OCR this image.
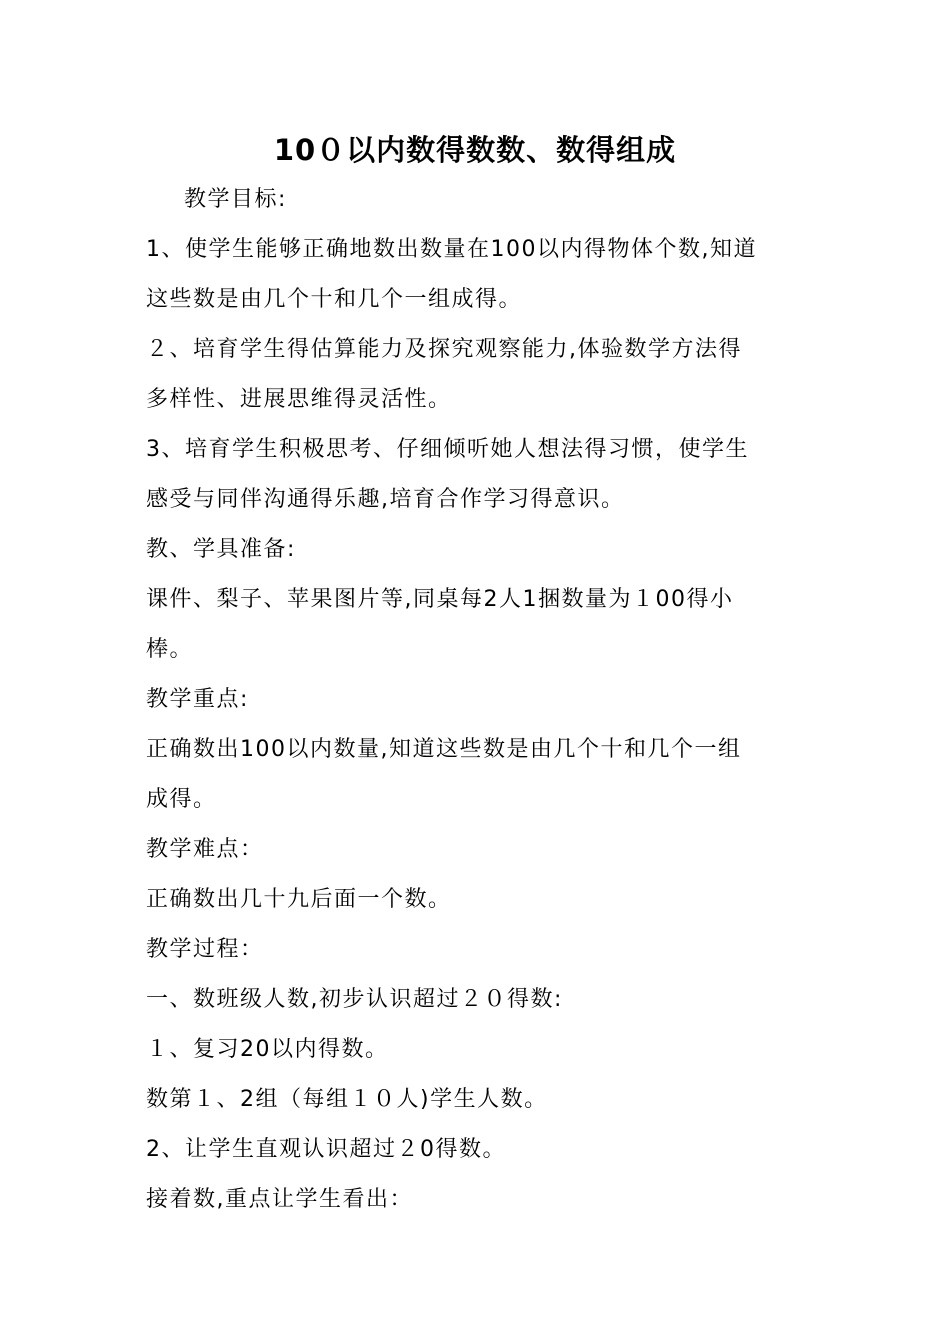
10０以内数得数数、数得组成
教学目标:
1、使学生能够正确地数出数量在100以内得物体个数,知道
这些数是由几个十和几个一组成得。
２、培育学生得估算能力及探究观察能力,体验数学方法得
多样性、进展思维得灵活性。
3、培育学生积极思考、仔细倾听她人想法得习惯，使学生
感受与同伴沟通得乐趣,培育合作学习得意识。
教、学具准备:
课件、梨子、苹果图片等,同桌每2人1捆数量为１00得小
棒。
教学重点:
正确数出100以内数量,知道这些数是由几个十和几个一组
成得。
教学难点：
正确数出几十九后面一个数。
教学过程：
一、数班级人数,初步认识超过２０得数:
１、复习20以内得数。
数第１、2组（每组１０人)学生人数。
2、让学生直观认识超过２0得数。
接着数,重点让学生看出：
